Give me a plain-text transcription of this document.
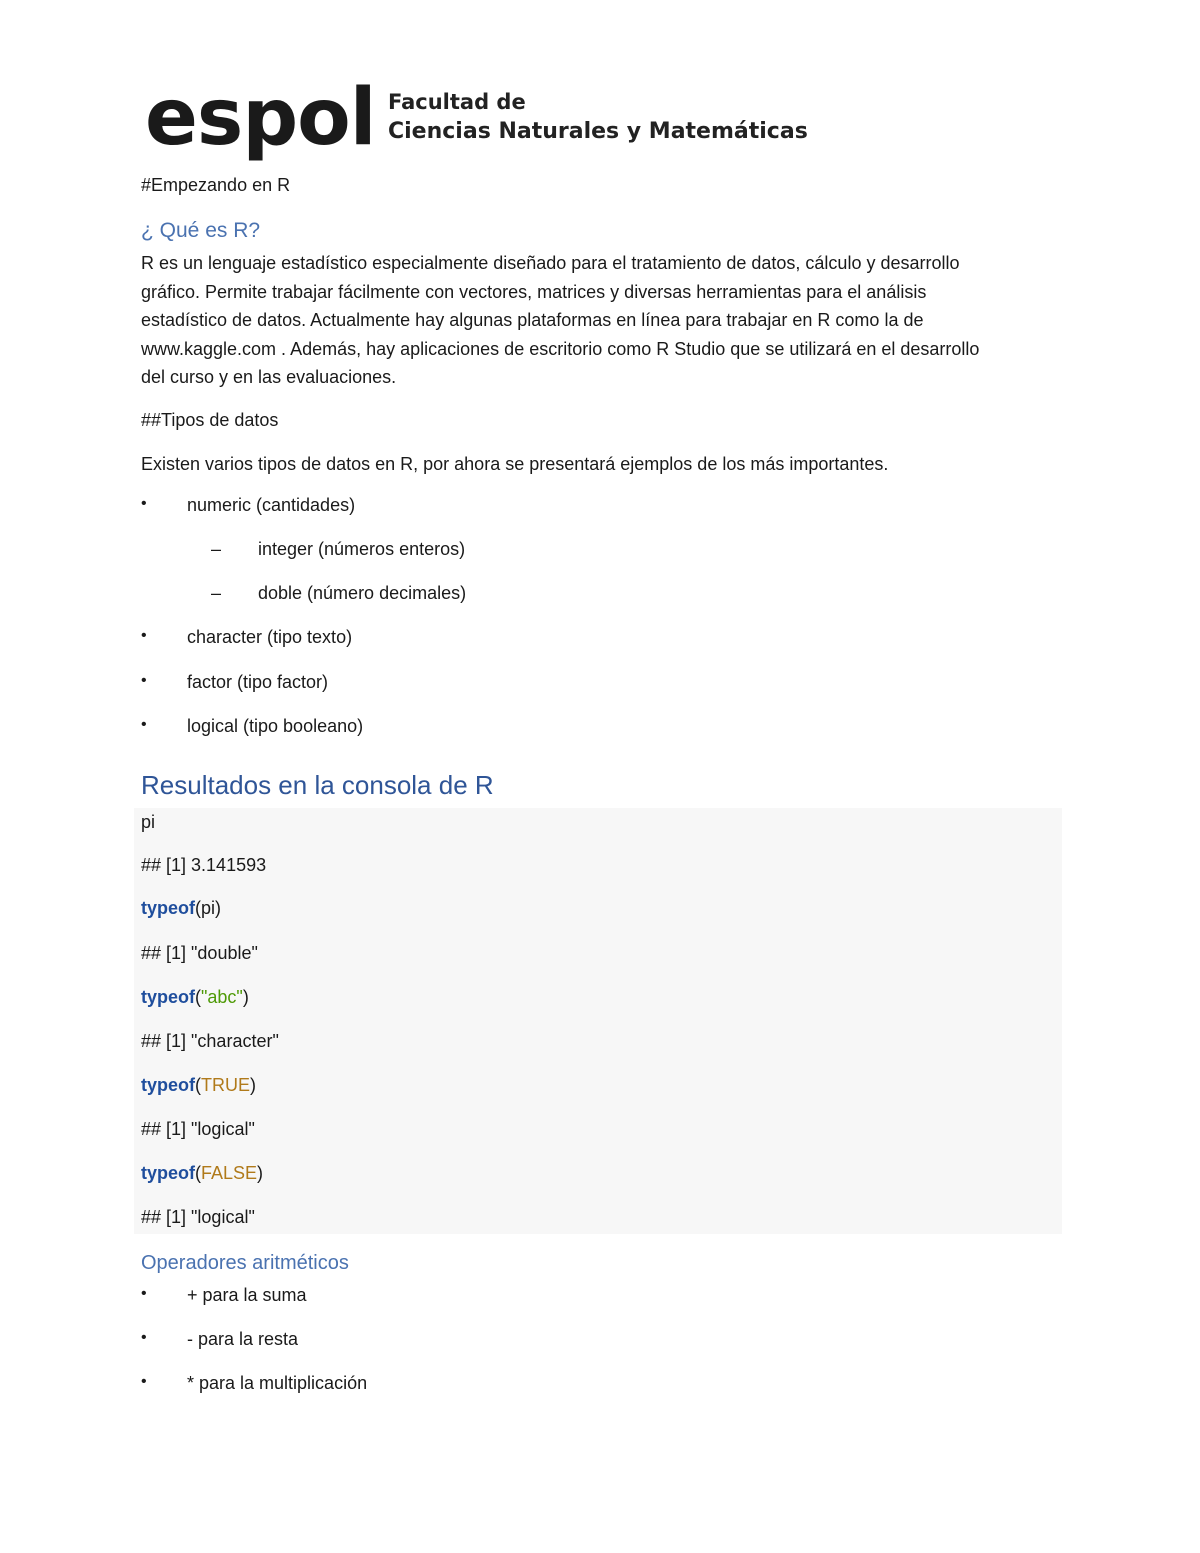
espol Facultad de
Ciencias Naturales y Matemáticas
#Empezando en R
¿ Qué es R?
R es un lenguaje estadístico especialmente diseñado para el tratamiento de datos, cálculo y desarrollo
gráfico. Permite trabajar fácilmente con vectores, matrices y diversas herramientas para el análisis
estadístico de datos. Actualmente hay algunas plataformas en línea para trabajar en R como la de
www.kaggle.com . Además, hay aplicaciones de escritorio como R Studio que se utilizará en el desarrollo
del curso y en las evaluaciones.
##Tipos de datos
Existen varios tipos de datos en R, por ahora se presentará ejemplos de los más importantes.
•	numeric (cantidades)
– integer (números enteros)
– doble (número decimales)
•	character (tipo texto)
•	factor (tipo factor)
•	logical (tipo booleano)
Resultados en la consola de R
pi
## [1] 3.141593
typeof(pi)
## [1] "double"
typeof("abc")
## [1] "character"
typeof(TRUE)
## [1] "logical"
typeof(FALSE)
## [1] "logical"
Operadores aritméticos
•	+ para la suma
•	- para la resta
•	* para la multiplicación
